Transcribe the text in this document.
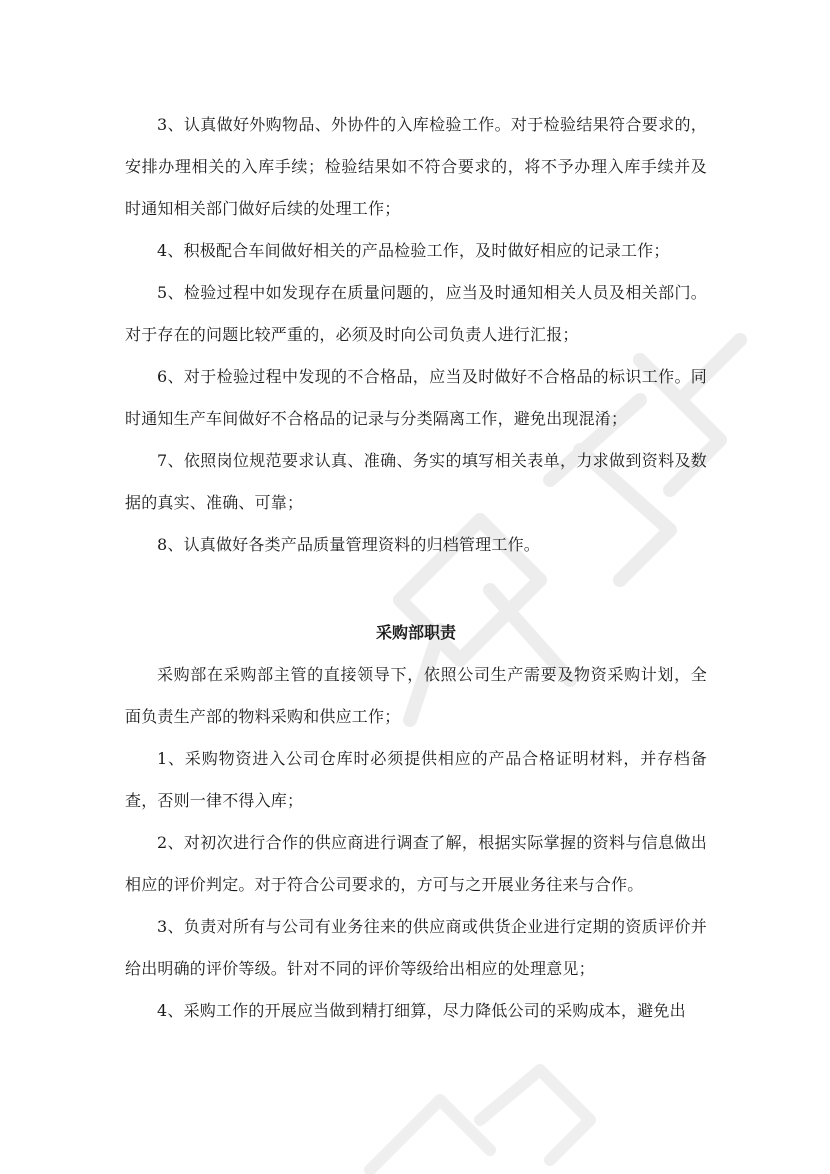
3、认真做好外购物品、外协件的入库检验工作。对于检验结果符合要求的，安排办理相关的入库手续；检验结果如不符合要求的，将不予办理入库手续并及时通知相关部门做好后续的处理工作；

4、积极配合车间做好相关的产品检验工作，及时做好相应的记录工作；

5、检验过程中如发现存在质量问题的，应当及时通知相关人员及相关部门。对于存在的问题比较严重的，必须及时向公司负责人进行汇报；

6、对于检验过程中发现的不合格品，应当及时做好不合格品的标识工作。同时通知生产车间做好不合格品的记录与分类隔离工作，避免出现混淆；

7、依照岗位规范要求认真、准确、务实的填写相关表单，力求做到资料及数据的真实、准确、可靠；

8、认真做好各类产品质量管理资料的归档管理工作。

采购部职责

采购部在采购部主管的直接领导下，依照公司生产需要及物资采购计划，全面负责生产部的物料采购和供应工作；

1、采购物资进入公司仓库时必须提供相应的产品合格证明材料，并存档备查，否则一律不得入库；

2、对初次进行合作的供应商进行调查了解，根据实际掌握的资料与信息做出相应的评价判定。对于符合公司要求的，方可与之开展业务往来与合作。

3、负责对所有与公司有业务往来的供应商或供货企业进行定期的资质评价并给出明确的评价等级。针对不同的评价等级给出相应的处理意见；

4、采购工作的开展应当做到精打细算，尽力降低公司的采购成本，避免出
